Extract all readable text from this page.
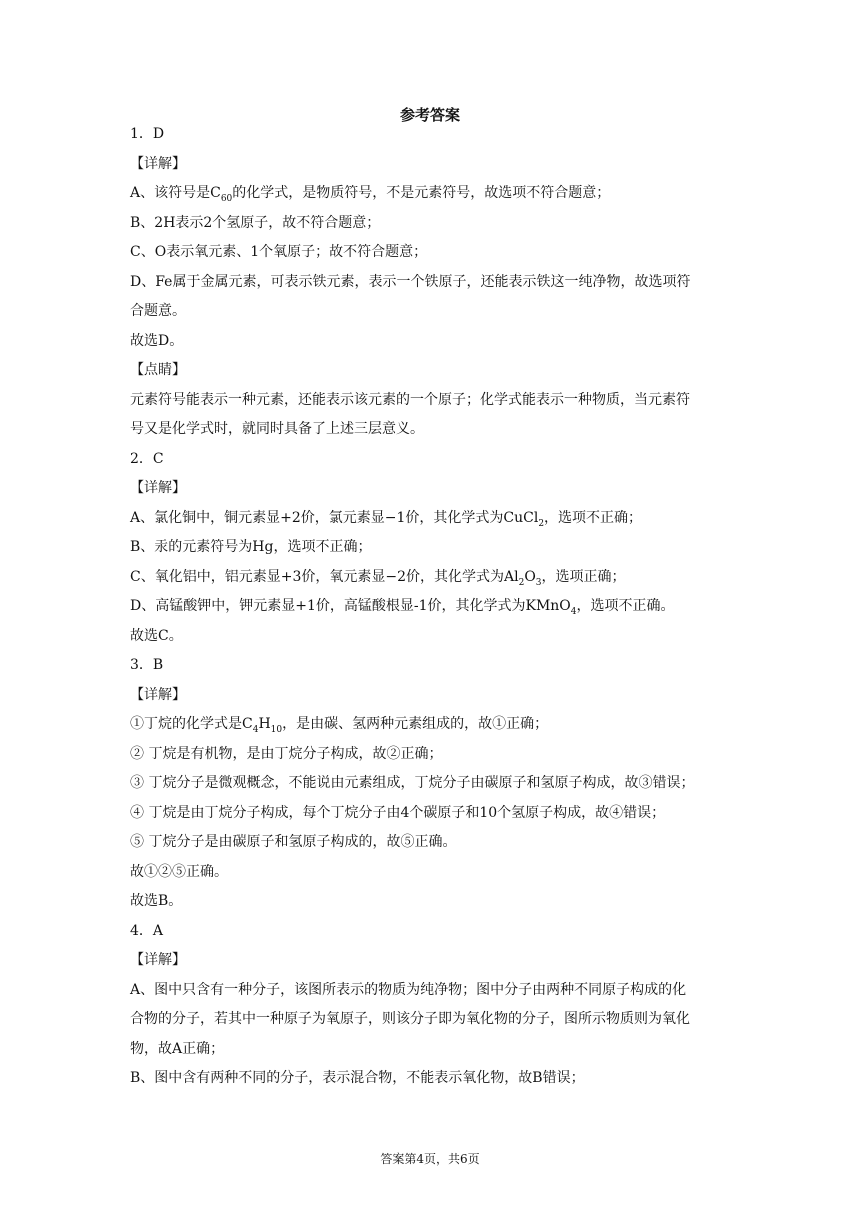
参考答案
1．D
【详解】
A、该符号是$C_{60}$的化学式，是物质符号，不是元素符号，故选项不符合题意；
B、2H表示2个氢原子，故不符合题意；
C、O表示氧元素、1个氧原子；故不符合题意；
D、Fe属于金属元素，可表示铁元素，表示一个铁原子，还能表示铁这一纯净物，故选项符
合题意。
故选D。
【点睛】
元素符号能表示一种元素，还能表示该元素的一个原子；化学式能表示一种物质，当元素符
号又是化学式时，就同时具备了上述三层意义。
2．C
【详解】
A、氯化铜中，铜元素显+2价，氯元素显−1价，其化学式为CuCl$_2$，选项不正确；
B、汞的元素符号为Hg，选项不正确；
C、氧化铝中，铝元素显+3价，氧元素显−2价，其化学式为$Al_2O_3$，选项正确；
D、高锰酸钾中，钾元素显+1价，高锰酸根显-1价，其化学式为KMnO$_4$，选项不正确。
故选C。
3．B
【详解】
①丁烷的化学式是$C_4H_{10}$，是由碳、氢两种元素组成的，故①正确；
② 丁烷是有机物，是由丁烷分子构成，故②正确；
③ 丁烷分子是微观概念，不能说由元素组成，丁烷分子由碳原子和氢原子构成，故③错误；
④ 丁烷是由丁烷分子构成，每个丁烷分子由4个碳原子和10个氢原子构成，故④错误；
⑤ 丁烷分子是由碳原子和氢原子构成的，故⑤正确。
故①②⑤正确。
故选B。
4．A
【详解】
A、图中只含有一种分子，该图所表示的物质为纯净物；图中分子由两种不同原子构成的化
合物的分子，若其中一种原子为氧原子，则该分子即为氧化物的分子，图所示物质则为氧化
物，故A正确；
B、图中含有两种不同的分子，表示混合物，不能表示氧化物，故B错误；
答案第4页，共6页
